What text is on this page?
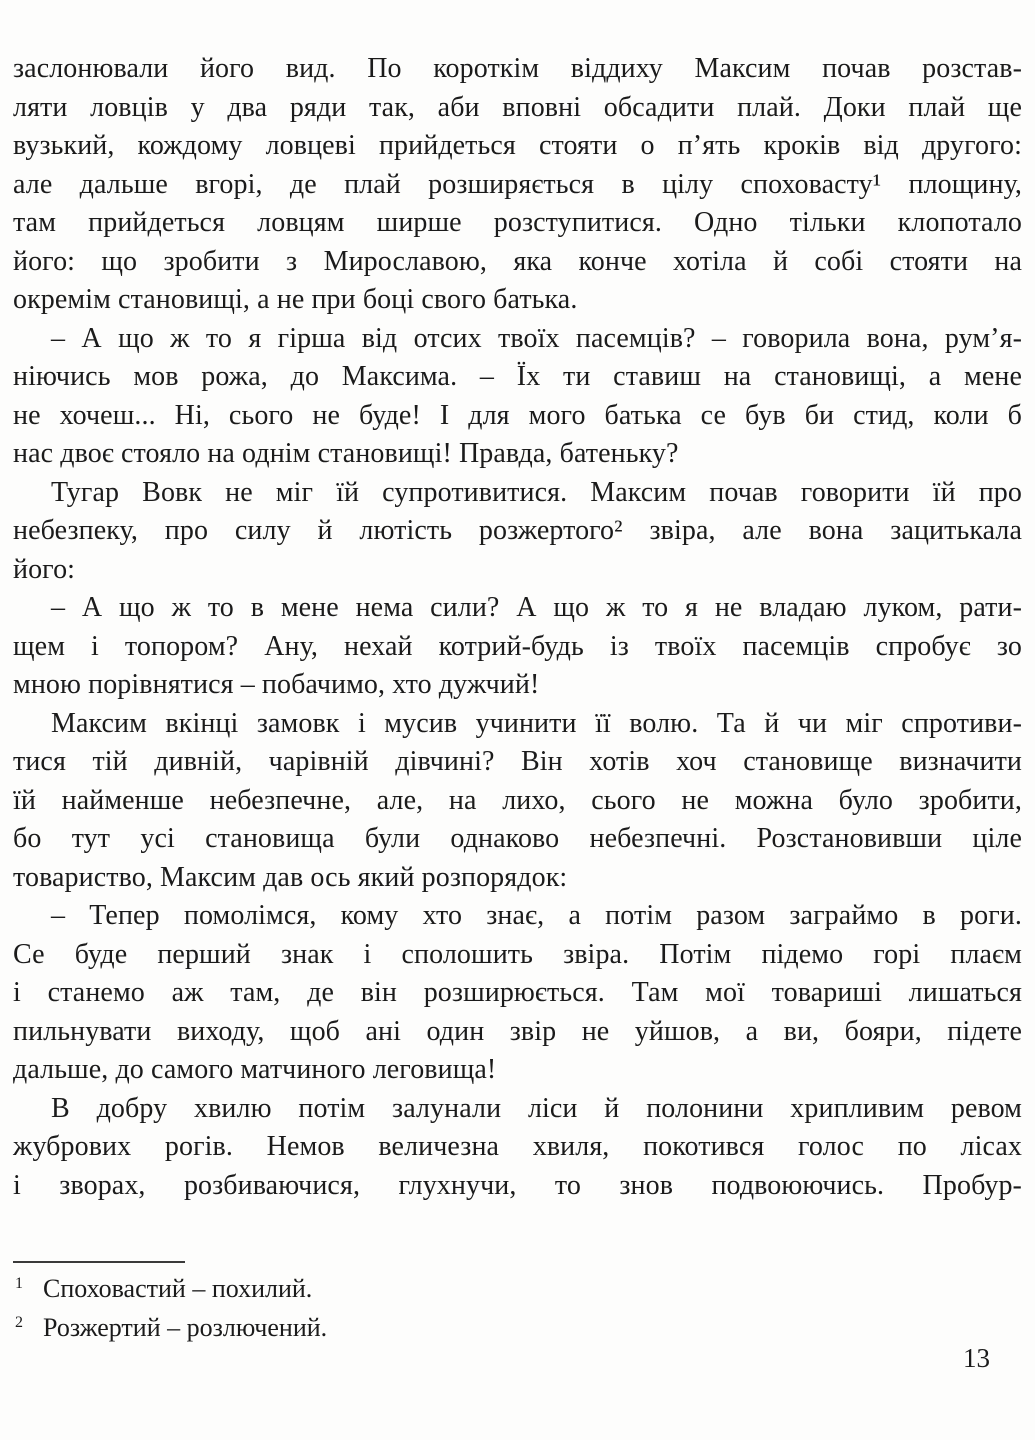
заслонювали його вид. По короткім віддиху Максим почав розстав-
ляти ловців у два ряди так, аби вповні обсадити плай. Доки плай ще
вузький, кождому ловцеві прийдеться стояти о п’ять кроків від другого:
але дальше вгорі, де плай розширяється в цілу споховасту¹ площину,
там прийдеться ловцям ширше розступитися. Одно тільки клопотало
його: що зробити з Мирославою, яка конче хотіла й собі стояти на
окремім становищі, а не при боці свого батька.
– А що ж то я гірша від отсих твоїх пасемців? – говорила вона, рум’я-
ніючись мов рожа, до Максима. – Їх ти ставиш на становищі, а мене
не хочеш... Ні, сього не буде! І для мого батька се був би стид, коли б
нас двоє стояло на однім становищі! Правда, батеньку?
Тугар Вовк не міг їй супротивитися. Максим почав говорити їй про
небезпеку, про силу й лютість розжертого² звіра, але вона зацитькала
його:
– А що ж то в мене нема сили? А що ж то я не владаю луком, рати-
щем і топором? Ану, нехай котрий-будь із твоїх пасемців спробує зо
мною порівнятися – побачимо, хто дужчий!
Максим вкінці замовк і мусив учинити її волю. Та й чи міг спротиви-
тися тій дивній, чарівній дівчині? Він хотів хоч становище визначити
їй найменше небезпечне, але, на лихо, сього не можна було зробити,
бо тут усі становища були однаково небезпечні. Розстановивши ціле
товариство, Максим дав ось який розпорядок:
– Тепер помолімся, кому хто знає, а потім разом заграймо в роги.
Се буде перший знак і сполошить звіра. Потім підемо горі плаєм
і станемо аж там, де він розширюється. Там мої товариші лишаться
пильнувати виходу, щоб ані один звір не уйшов, а ви, бояри, підете
дальше, до самого матчиного леговища!
В добру хвилю потім залунали ліси й полонини хрипливим ревом
жубрових рогів. Немов величезна хвиля, покотився голос по лісах
і зворах, розбиваючися, глухнучи, то знов подвоюючись. Пробур-
1 Споховастий – похилий.
2 Розжертий – розлючений.
13
